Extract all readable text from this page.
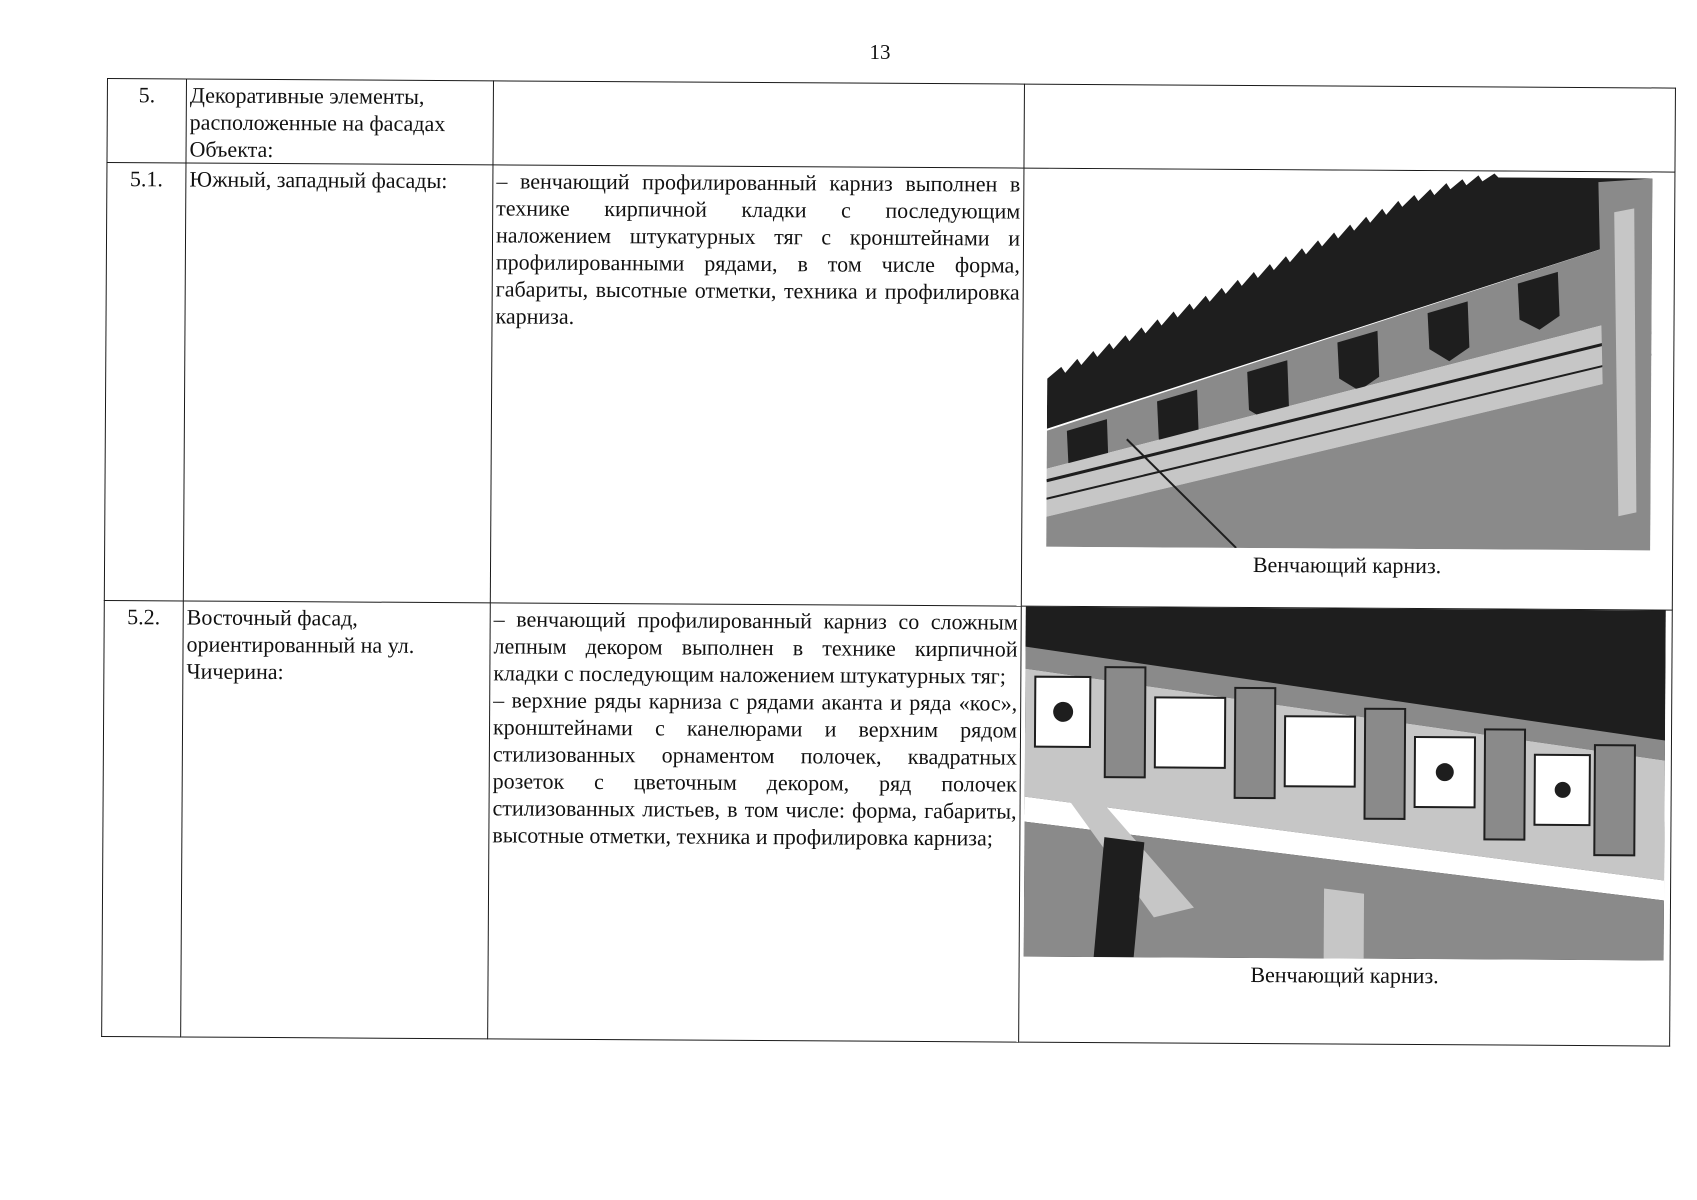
13
5.	Декоративные элементы, расположенные на фасадах Объекта:		
5.1.	Южный, западный фасады:	– венчающий профилированный карниз выполнен в технике кирпичной кладки с последующим наложением штукатурных тяг с кронштейнами и профилированными рядами, в том числе форма, габариты, высотные отметки, техника и профилировка карниза.	Венчающий карниз.

5.2.	Восточный фасад, ориентированный на ул. Чичерина:	– венчающий профилированный карниз со сложным лепным декором выполнен в технике кирпичной кладки с последующим наложением штукатурных тяг;

– верхние ряды карниза с рядами аканта и ряда «кос», кронштейнами с канелюрами и верхним рядом стилизованных орнаментом полочек, квадратных розеток с цветочным декором, ряд полочек стилизованных листьев, в том числе: форма, габариты, высотные отметки, техника и профилировка карниза;	Венчающий карниз.
